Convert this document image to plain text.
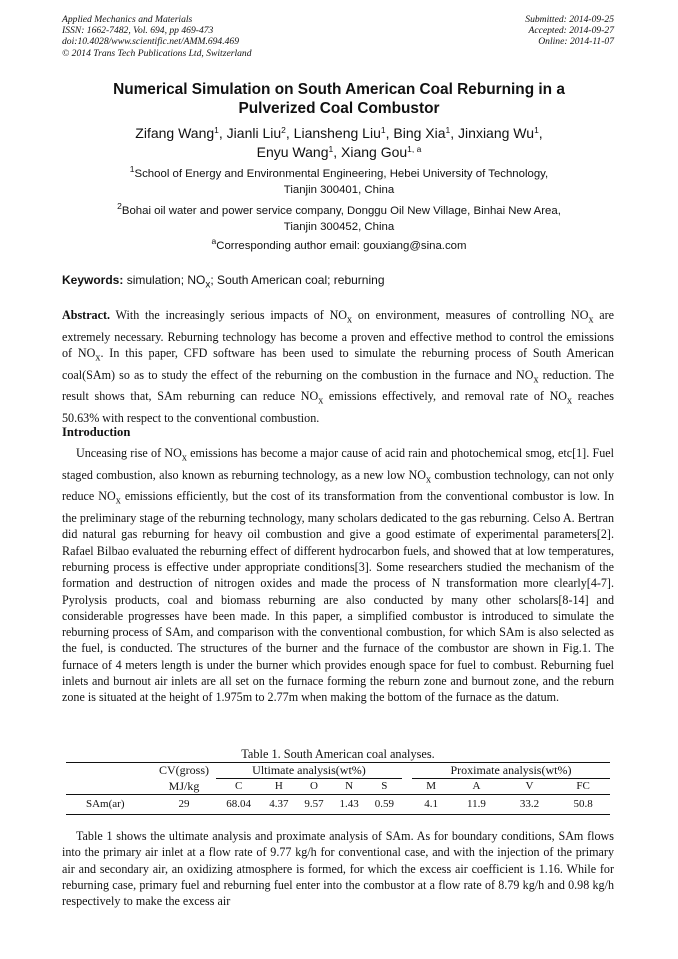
Applied Mechanics and Materials
ISSN: 1662-7482, Vol. 694, pp 469-473
doi:10.4028/www.scientific.net/AMM.694.469
© 2014 Trans Tech Publications Ltd, Switzerland
Submitted: 2014-09-25
Accepted: 2014-09-27
Online: 2014-11-07
Numerical Simulation on South American Coal Reburning in a
Pulverized Coal Combustor
Zifang Wang$^1$, Jianli Liu$^2$, Liansheng Liu$^1$, Bing Xia$^1$, Jinxiang Wu$^1$,
Enyu Wang$^1$, Xiang Gou$^{1, a}$
$^1$School of Energy and Environmental Engineering, Hebei University of Technology,
Tianjin 300401, China
$^2$Bohai oil water and power service company, Donggu Oil New Village, Binhai New Area,
Tianjin 300452, China
$^a$Corresponding author email: gouxiang@sina.com
Keywords: simulation; $NO_x$; South American coal; reburning

Abstract. With the increasingly serious impacts of $NO_x$ on environment, measures of controlling $NO_x$ are extremely necessary. Reburning technology has become a proven and effective method to control the emissions of $NO_x$. In this paper, CFD software has been used to simulate the reburning process of South American coal(SAm) so as to study the effect of the reburning on the combustion in the furnace and $NO_x$ reduction. The result shows that, SAm reburning can reduce $NO_x$ emissions effectively, and removal rate of $NO_x$ reaches 50.63% with respect to the conventional combustion.

Introduction

Unceasing rise of $NO_x$ emissions has become a major cause of acid rain and photochemical smog, etc[1]. Fuel staged combustion, also known as reburning technology, as a new low $NO_x$ combustion technology, can not only reduce $NO_x$ emissions efficiently, but the cost of its transformation from the conventional combustor is low. In the preliminary stage of the reburning technology, many scholars dedicated to the gas reburning. Celso A. Bertran did natural gas reburning for heavy oil combustion and give a good estimate of experimental parameters[2]. Rafael Bilbao evaluated the reburning effect of different hydrocarbon fuels, and showed that at low temperatures, reburning process is effective under appropriate conditions[3]. Some researchers studied the mechanism of the formation and destruction of nitrogen oxides and made the process of N transformation more clearly[4-7]. Pyrolysis products, coal and biomass reburning are also conducted by many other scholars[8-14] and considerable progresses have been made. In this paper, a simplified combustor is introduced to simulate the reburning process of SAm, and comparison with the conventional combustion, for which SAm is also selected as the fuel, is conducted. The structures of the burner and the furnace of the combustor are shown in Fig.1. The furnace of 4 meters length is under the burner which provides enough space for fuel to combust. Reburning fuel inlets and burnout air inlets are all set on the furnace forming the reburn zone and burnout zone, and the reburn zone is situated at the height of 1.975m to 2.77m when making the bottom of the furnace as the datum.

Table 1. South American coal analyses.
	CV(gross)	Ultimate analysis(wt%)						Proximate analysis(wt%)			
	MJ/kg	C	H	O	N	S		M	A	V	FC
SAm(ar)	29	68.04	4.37	9.57	1.43	0.59		4.1	11.9	33.2	50.8

Table 1 shows the ultimate analysis and proximate analysis of SAm. As for boundary conditions, SAm flows into the primary air inlet at a flow rate of 9.77 kg/h for conventional case, and with the injection of the primary air and secondary air, an oxidizing atmosphere is formed, for which the excess air coefficient is 1.16. While for reburning case, primary fuel and reburning fuel enter into the combustor at a flow rate of 8.79 kg/h and 0.98 kg/h respectively to make the excess air
